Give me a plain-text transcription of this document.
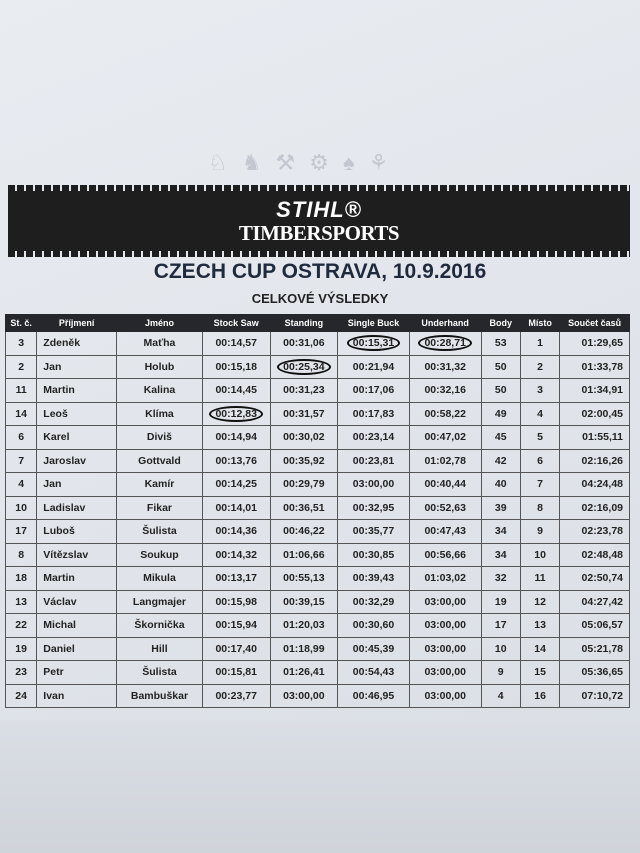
♘ ♞ ⚒ ⚙ ♠ ⚘
STIHL®
TIMBERSPORTS
CZECH CUP OSTRAVA, 10.9.2016
CELKOVÉ VÝSLEDKY
St. č.	Příjmení	Jméno	Stock Saw	Standing	Single Buck	Underhand	Body	Místo	Součet časů
3	Zdeněk	Maťha	00:14,57	00:31,06	00:15,31	00:28,71	53	1	01:29,65
2	Jan	Holub	00:15,18	00:25,34	00:21,94	00:31,32	50	2	01:33,78
11	Martin	Kalina	00:14,45	00:31,23	00:17,06	00:32,16	50	3	01:34,91
14	Leoš	Klíma	00:12,83	00:31,57	00:17,83	00:58,22	49	4	02:00,45
6	Karel	Diviš	00:14,94	00:30,02	00:23,14	00:47,02	45	5	01:55,11
7	Jaroslav	Gottvald	00:13,76	00:35,92	00:23,81	01:02,78	42	6	02:16,26
4	Jan	Kamír	00:14,25	00:29,79	03:00,00	00:40,44	40	7	04:24,48
10	Ladislav	Fikar	00:14,01	00:36,51	00:32,95	00:52,63	39	8	02:16,09
17	Luboš	Šulista	00:14,36	00:46,22	00:35,77	00:47,43	34	9	02:23,78
8	Vítězslav	Soukup	00:14,32	01:06,66	00:30,85	00:56,66	34	10	02:48,48
18	Martin	Mikula	00:13,17	00:55,13	00:39,43	01:03,02	32	11	02:50,74
13	Václav	Langmajer	00:15,98	00:39,15	00:32,29	03:00,00	19	12	04:27,42
22	Michal	Škornička	00:15,94	01:20,03	00:30,60	03:00,00	17	13	05:06,57
19	Daniel	Hill	00:17,40	01:18,99	00:45,39	03:00,00	10	14	05:21,78
23	Petr	Šulista	00:15,81	01:26,41	00:54,43	03:00,00	9	15	05:36,65
24	Ivan	Bambuškar	00:23,77	03:00,00	00:46,95	03:00,00	4	16	07:10,72
